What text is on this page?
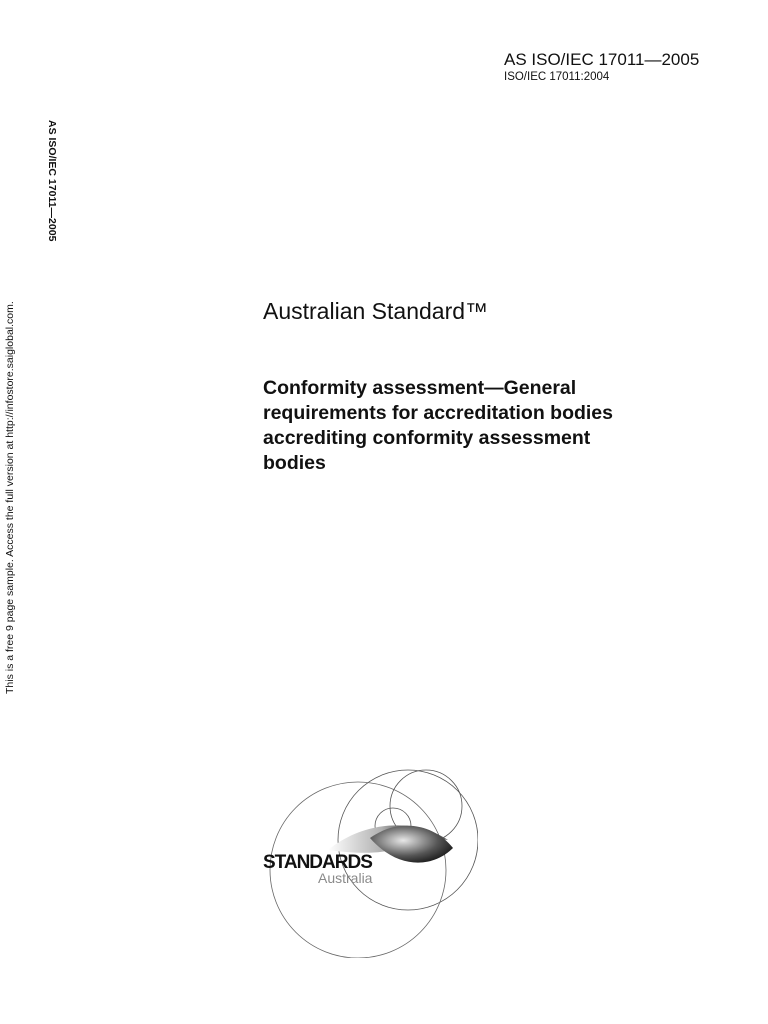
AS ISO/IEC 17011—2005
ISO/IEC 17011:2004
AS ISO/IEC 17011—2005
This is a free 9 page sample. Access the full version at http://infostore.saiglobal.com.	Australian Standard™
Conformity assessment—General
requirements for accreditation bodies
accrediting conformity assessment
bodies
STANDARDS
Australia
